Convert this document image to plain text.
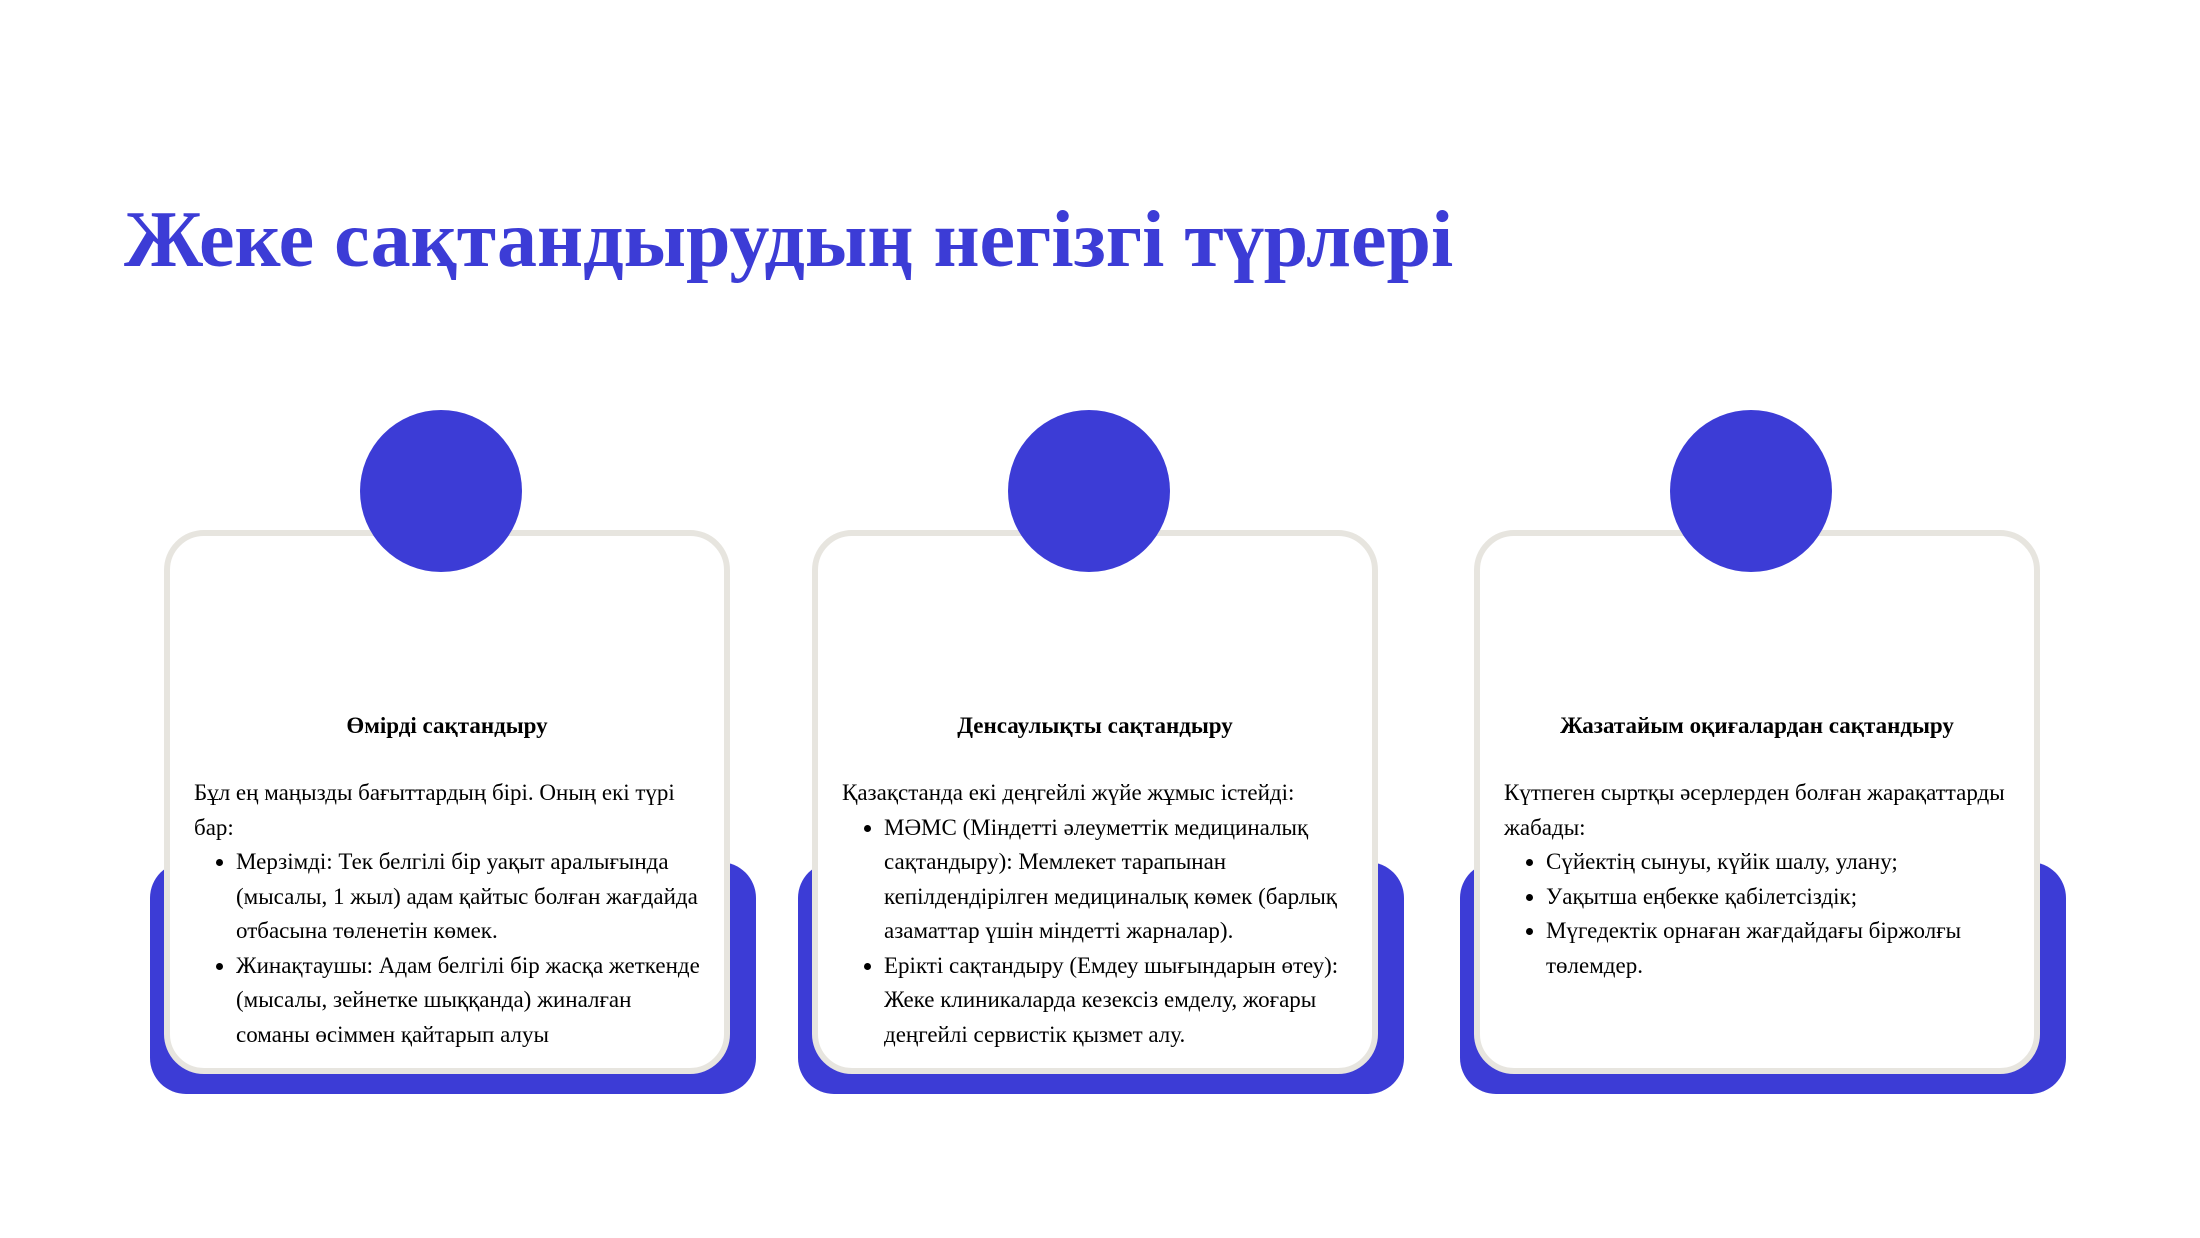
Жеке сақтандырудың негізгі түрлері
Өмірді сақтандыру

Бұл ең маңызды бағыттардың бірі. Оның екі түрі бар:

• Мерзімді: Тек белгілі бір уақыт аралығында (мысалы, 1 жыл) адам қайтыс болған жағдайда отбасына төленетін көмек.
• Жинақтаушы: Адам белгілі бір жасқа жеткенде (мысалы, зейнетке шыққанда) жиналған соманы өсіммен қайтарып алуы
Денсаулықты сақтандыру

Қазақстанда екі деңгейлі жүйе жұмыс істейді:

• МӘМС (Міндетті әлеуметтік медициналық сақтандыру): Мемлекет тарапынан кепілдендірілген медициналық көмек (барлық азаматтар үшін міндетті жарналар).
• Ерікті сақтандыру (Емдеу шығындарын өтеу): Жеке клиникаларда кезексіз емделу, жоғары деңгейлі сервистік қызмет алу.
Жазатайым оқиғалардан сақтандыру

Күтпеген сыртқы әсерлерден болған жарақаттарды жабады:

• Сүйектің сынуы, күйік шалу, улану;
• Уақытша еңбекке қабілетсіздік;
• Мүгедектік орнаған жағдайдағы біржолғы төлемдер.
